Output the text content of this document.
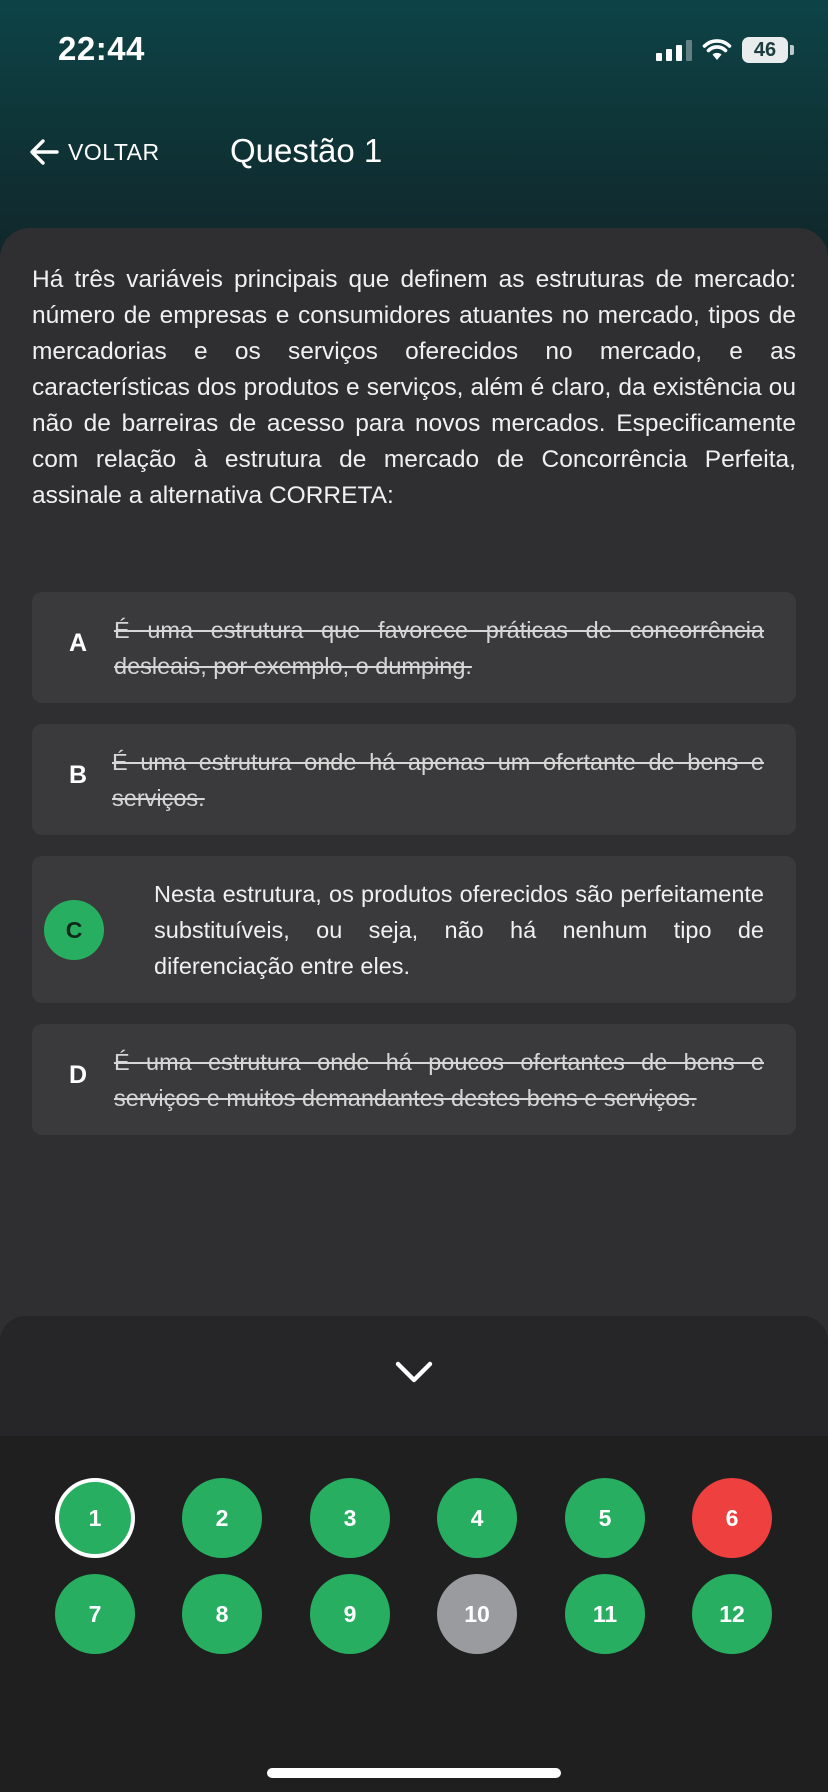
22:44	46
VOLTAR Questão 1
Há três variáveis principais que definem as estruturas de mercado: número de empresas e consumidores atuantes no mercado, tipos de mercadorias e os serviços oferecidos no mercado, e as características dos produtos e serviços, além é claro, da existência ou não de barreiras de acesso para novos mercados. Especificamente com relação à estrutura de mercado de Concorrência Perfeita, assinale a alternativa CORRETA:
A	É uma estrutura que favorece práticas de concorrência desleais, por exemplo, o dumping.
B	É uma estrutura onde há apenas um ofertante de bens e serviços.
C
Nesta estrutura, os produtos oferecidos são perfeitamente substituíveis, ou seja, não há nenhum tipo de diferenciação entre eles.
D	É uma estrutura onde há poucos ofertantes de bens e serviços e muitos demandantes destes bens e serviços.
1	2	3	4	5	6
7	8	9	10	11	12
